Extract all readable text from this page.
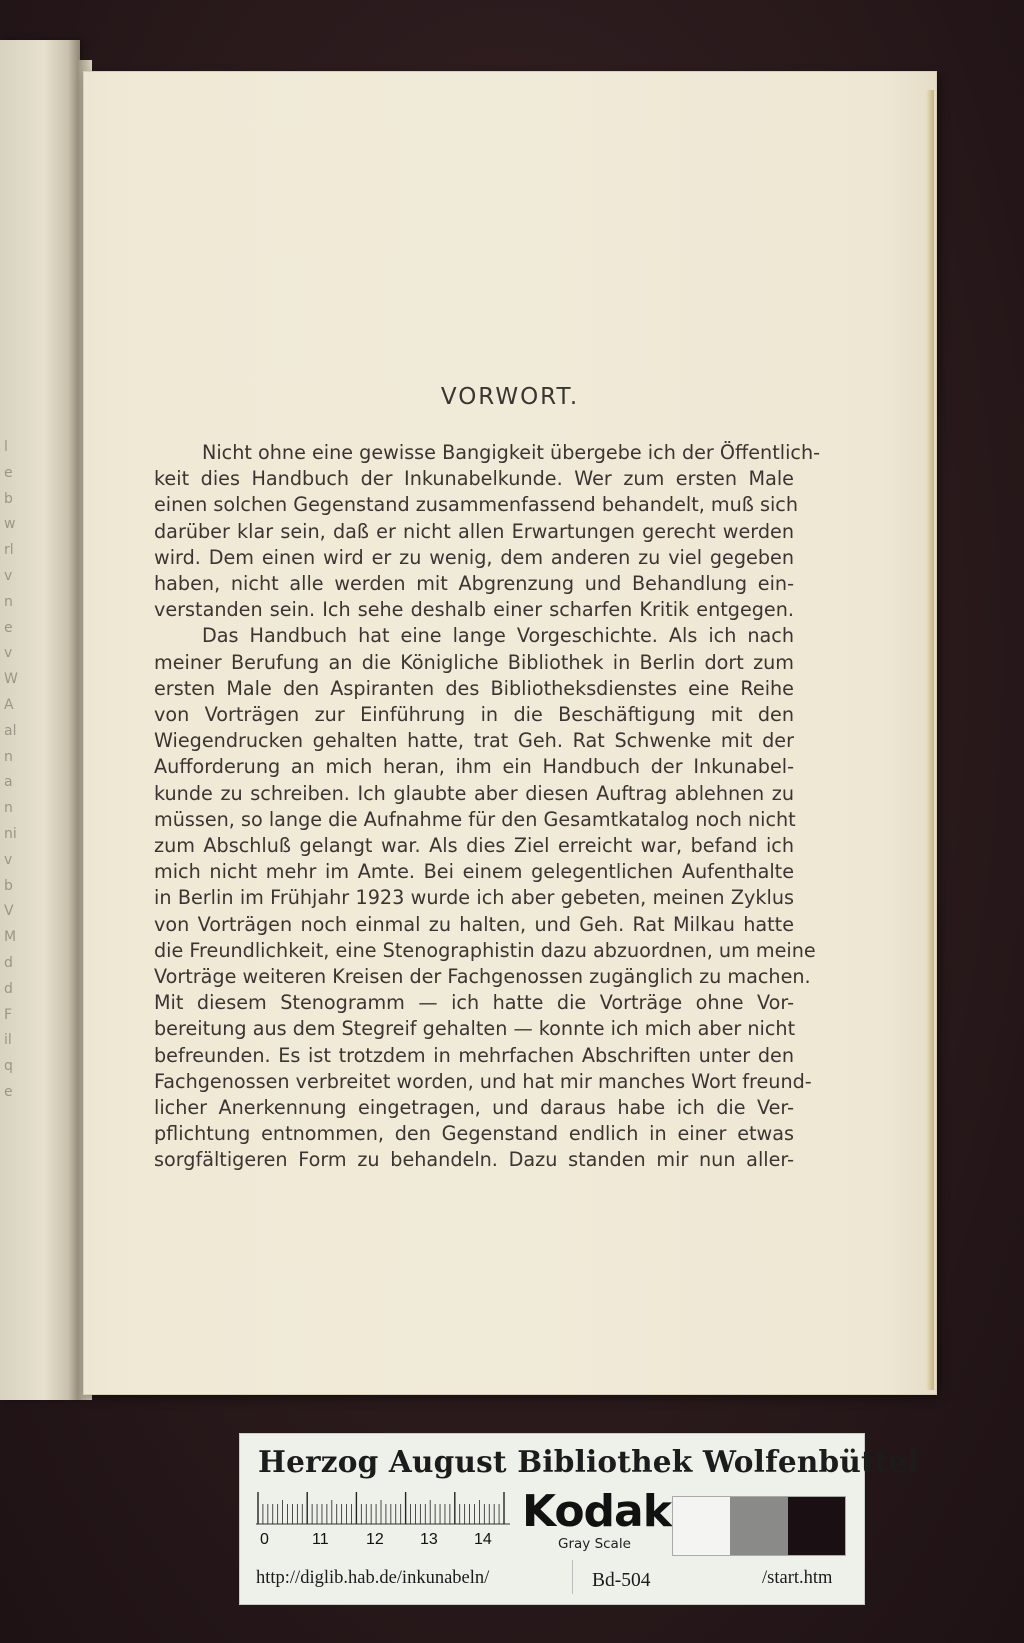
l
e
b
w
rl
v
n
e
v
W
A
al
n
a
n
ni
v
b
V
M
d
d
F
il
q
e
VORWORT.
Nicht ohne eine gewisse Bangigkeit übergebe ich der Öffentlich-
keit dies Handbuch der Inkunabelkunde. Wer zum ersten Male
einen solchen Gegenstand zusammenfassend behandelt, muß sich
darüber klar sein, daß er nicht allen Erwartungen gerecht werden
wird. Dem einen wird er zu wenig, dem anderen zu viel gegeben
haben, nicht alle werden mit Abgrenzung und Behandlung ein-
verstanden sein. Ich sehe deshalb einer scharfen Kritik entgegen.
Das Handbuch hat eine lange Vorgeschichte. Als ich nach
meiner Berufung an die Königliche Bibliothek in Berlin dort zum
ersten Male den Aspiranten des Bibliotheksdienstes eine Reihe
von Vorträgen zur Einführung in die Beschäftigung mit den
Wiegendrucken gehalten hatte, trat Geh. Rat Schwenke mit der
Aufforderung an mich heran, ihm ein Handbuch der Inkunabel-
kunde zu schreiben. Ich glaubte aber diesen Auftrag ablehnen zu
müssen, so lange die Aufnahme für den Gesamtkatalog noch nicht
zum Abschluß gelangt war. Als dies Ziel erreicht war, befand ich
mich nicht mehr im Amte. Bei einem gelegentlichen Aufenthalte
in Berlin im Frühjahr 1923 wurde ich aber gebeten, meinen Zyklus
von Vorträgen noch einmal zu halten, und Geh. Rat Milkau hatte
die Freundlichkeit, eine Stenographistin dazu abzuordnen, um meine
Vorträge weiteren Kreisen der Fachgenossen zugänglich zu machen.
Mit diesem Stenogramm — ich hatte die Vorträge ohne Vor-
bereitung aus dem Stegreif gehalten — konnte ich mich aber nicht
befreunden. Es ist trotzdem in mehrfachen Abschriften unter den
Fachgenossen verbreitet worden, und hat mir manches Wort freund-
licher Anerkennung eingetragen, und daraus habe ich die Ver-
pflichtung entnommen, den Gegenstand endlich in einer etwas
sorgfältigeren Form zu behandeln. Dazu standen mir nun aller-
Herzog August Bibliothek Wolfenbüttel
0	11 12 13 14
Kodak
Gray Scale
http://diglib.hab.de/inkunabeln/	Bd-504	/start.htm
